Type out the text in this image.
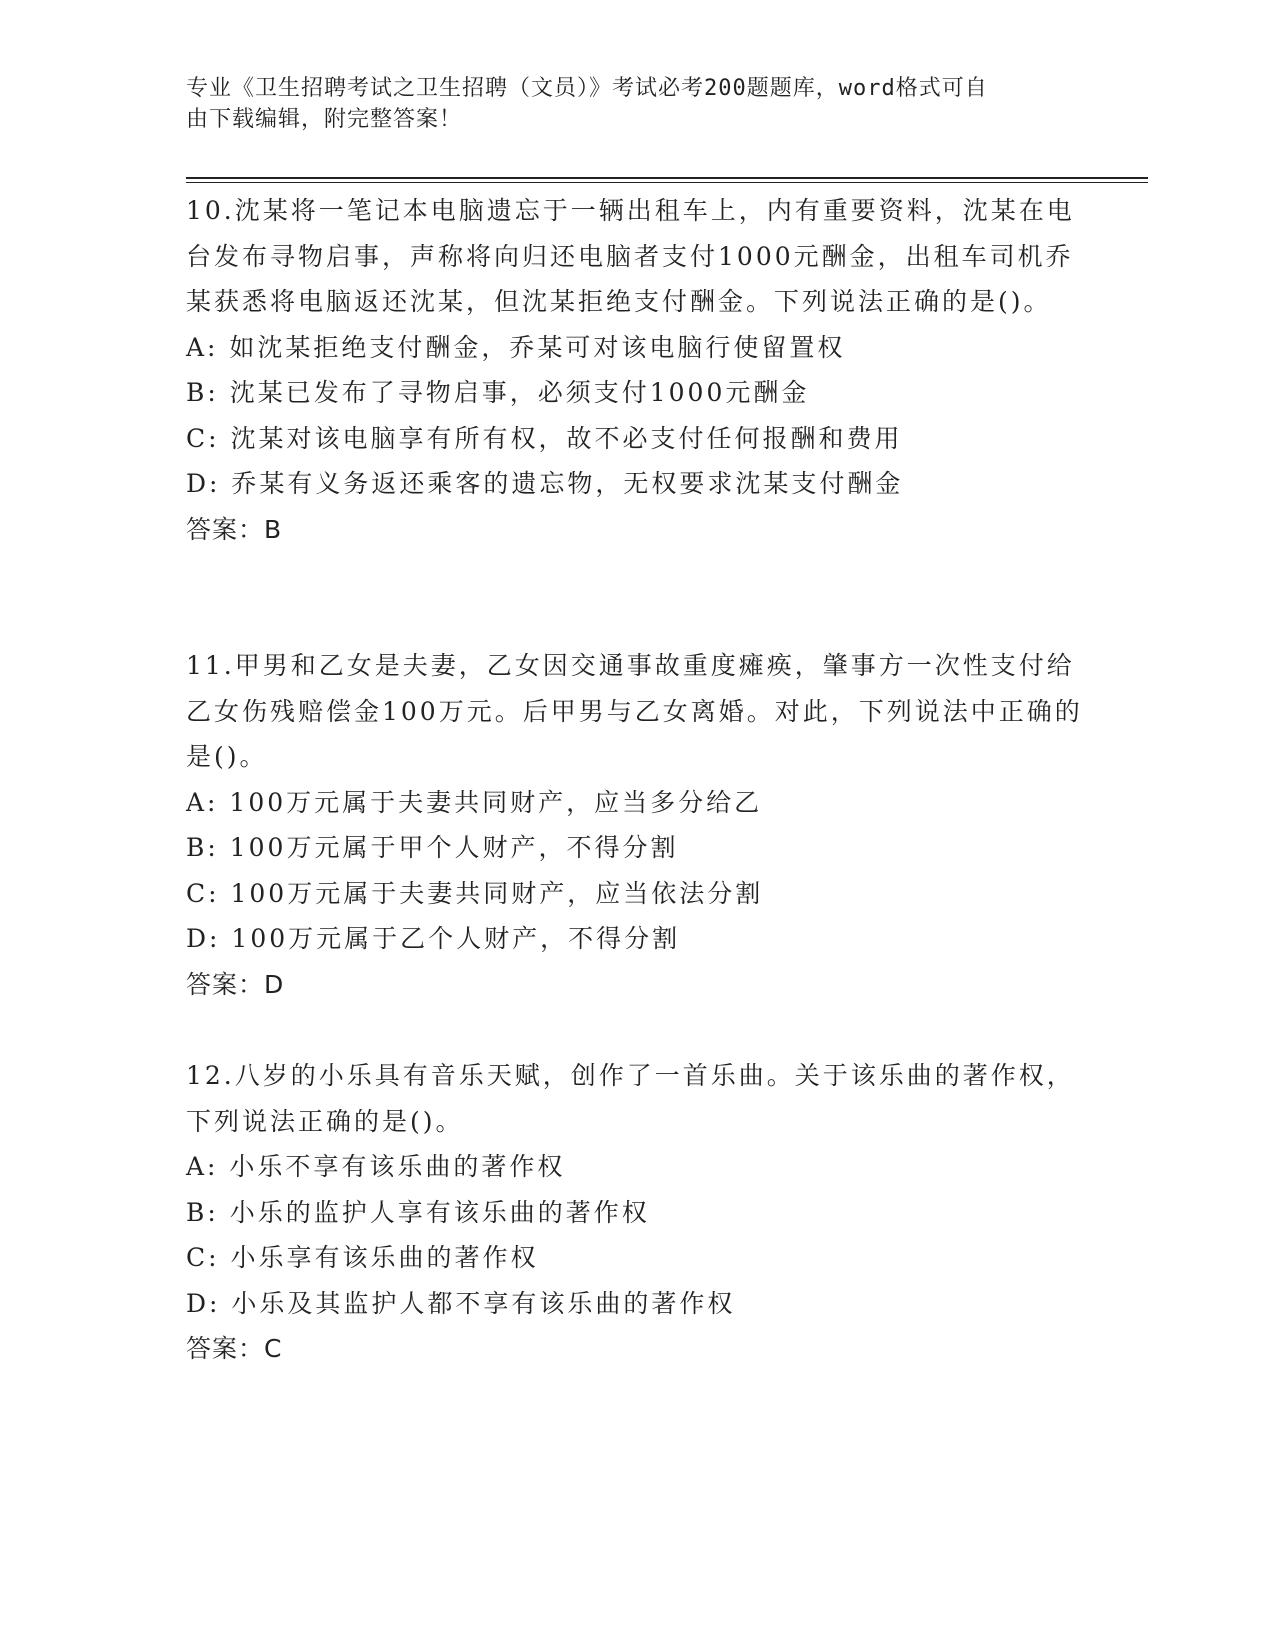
专业《卫生招聘考试之卫生招聘（文员）》考试必考200题题库，word格式可自
由下载编辑，附完整答案！

10.沈某将一笔记本电脑遗忘于一辆出租车上，内有重要资料，沈某在电台发布寻物启事，声称将向归还电脑者支付1000元酬金，出租车司机乔某获悉将电脑返还沈某，但沈某拒绝支付酬金。下列说法正确的是()。

A: 如沈某拒绝支付酬金，乔某可对该电脑行使留置权

B: 沈某已发布了寻物启事，必须支付1000元酬金

C: 沈某对该电脑享有所有权，故不必支付任何报酬和费用

D: 乔某有义务返还乘客的遗忘物，无权要求沈某支付酬金

答案：B

11.甲男和乙女是夫妻，乙女因交通事故重度瘫痪，肇事方一次性支付给乙女伤残赔偿金100万元。后甲男与乙女离婚。对此，下列说法中正确的是()。

A: 100万元属于夫妻共同财产，应当多分给乙

B: 100万元属于甲个人财产，不得分割

C: 100万元属于夫妻共同财产，应当依法分割

D: 100万元属于乙个人财产，不得分割

答案：D

12.八岁的小乐具有音乐天赋，创作了一首乐曲。关于该乐曲的著作权，下列说法正确的是()。

A: 小乐不享有该乐曲的著作权

B: 小乐的监护人享有该乐曲的著作权

C: 小乐享有该乐曲的著作权

D: 小乐及其监护人都不享有该乐曲的著作权

答案：C
